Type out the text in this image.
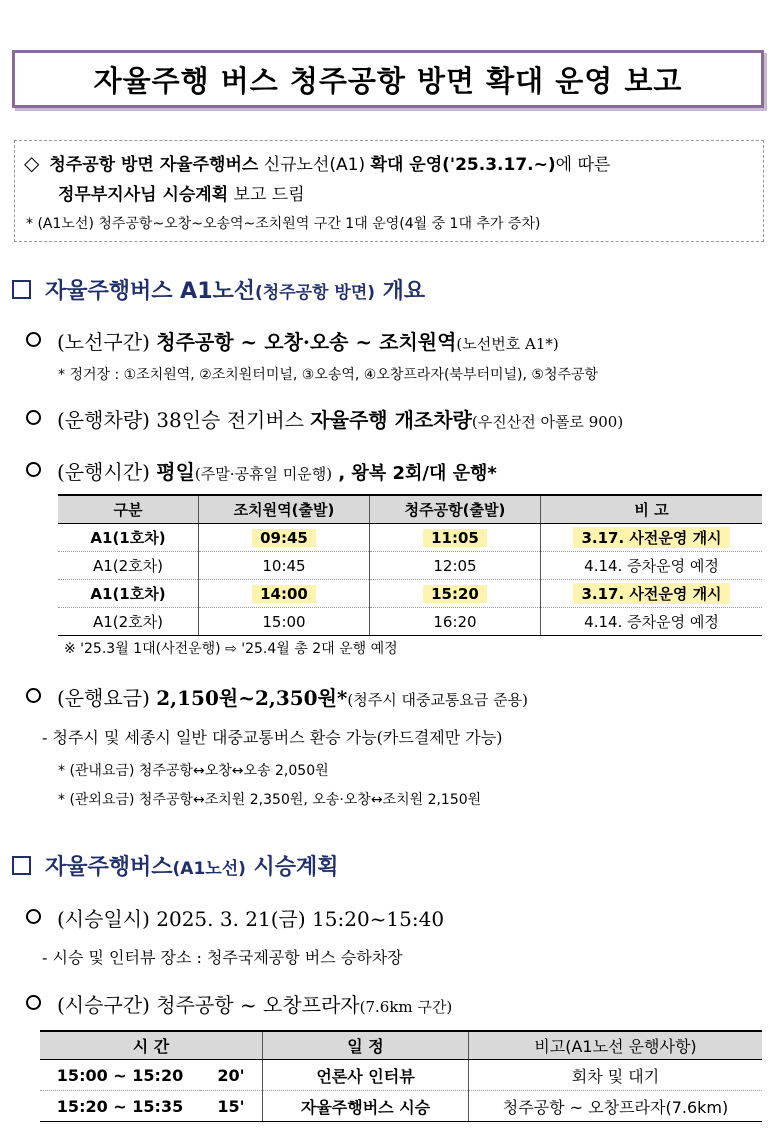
자율주행 버스 청주공항 방면 확대 운영 보고
◇ 청주공항 방면 자율주행버스 신규노선(A1) 확대 운영('25.3.17.~)에 따른
정무부지사님 시승계획 보고 드림
* (A1노선) 청주공항~오창~오송역~조치원역 구간 1대 운영(4월 중 1대 추가 증차)
자율주행버스 A1노선(청주공항 방면) 개요
(노선구간) 청주공항 ~ 오창·오송 ~ 조치원역(노선번호 A1*)
* 정거장 : ①조치원역, ②조치원터미널, ③오송역, ④오창프라자(북부터미널), ⑤청주공항
(운행차량) 38인승 전기버스 자율주행 개조차량(우진산전 아폴로 900)
(운행시간) 평일(주말·공휴일 미운행) , 왕복 2회/대 운행*
구분	조치원역(출발)	청주공항(출발)	비 고
A1(1호차)	09:45	11:05	3.17. 사전운영 개시
A1(2호차)	10:45	12:05	4.14. 증차운영 예정
A1(1호차)	14:00	15:20	3.17. 사전운영 개시
A1(2호차)	15:00	16:20	4.14. 증차운영 예정
※ '25.3월 1대(사전운행) ⇨ '25.4월 총 2대 운행 예정
(운행요금) 2,150원~2,350원*(청주시 대중교통요금 준용)
- 청주시 및 세종시 일반 대중교통버스 환승 가능(카드결제만 가능)
* (관내요금) 청주공항↔오창↔오송 2,050원
* (관외요금) 청주공항↔조치원 2,350원, 오송·오창↔조치원 2,150원
자율주행버스(A1노선) 시승계획
(시승일시) 2025. 3. 21(금) 15:20~15:40
- 시승 및 인터뷰 장소 : 청주국제공항 버스 승하차장
(시승구간) 청주공항 ~ 오창프라자(7.6km 구간)
시 간		일 정	비고(A1노선 운행사항)
15:00 ~ 15:20	20'	언론사 인터뷰	회차 및 대기
15:20 ~ 15:35	15'	자율주행버스 시승	청주공항 ~ 오창프라자(7.6km)
